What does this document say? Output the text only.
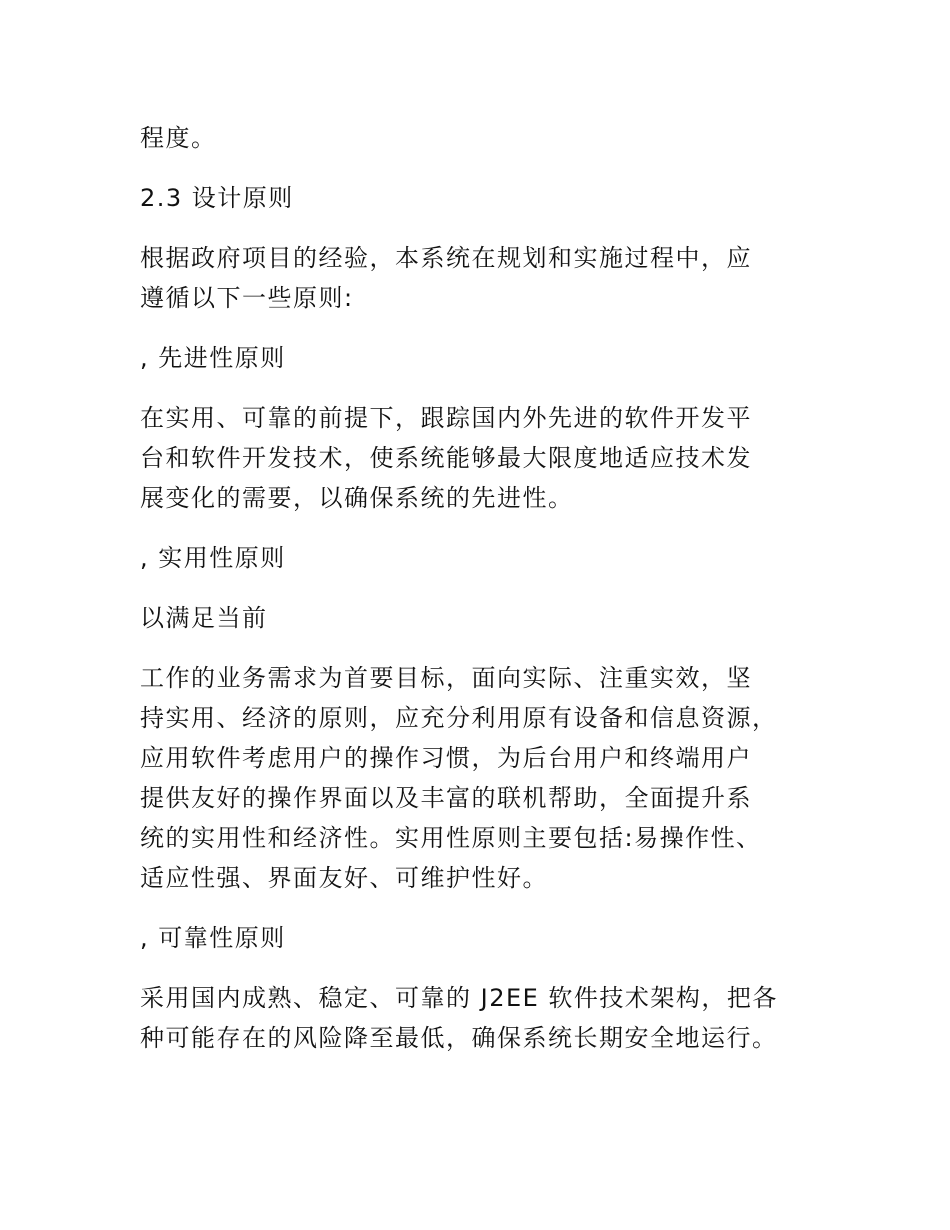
程度。

2.3 设计原则

根据政府项目的经验，本系统在规划和实施过程中，应
遵循以下一些原则:

, 先进性原则

在实用、可靠的前提下，跟踪国内外先进的软件开发平
台和软件开发技术，使系统能够最大限度地适应技术发
展变化的需要，以确保系统的先进性。

, 实用性原则

以满足当前

工作的业务需求为首要目标，面向实际、注重实效，坚
持实用、经济的原则，应充分利用原有设备和信息资源，
应用软件考虑用户的操作习惯，为后台用户和终端用户
提供友好的操作界面以及丰富的联机帮助，全面提升系
统的实用性和经济性。实用性原则主要包括:易操作性、
适应性强、界面友好、可维护性好。

, 可靠性原则

采用国内成熟、稳定、可靠的 J2EE 软件技术架构，把各
种可能存在的风险降至最低，确保系统长期安全地运行。
